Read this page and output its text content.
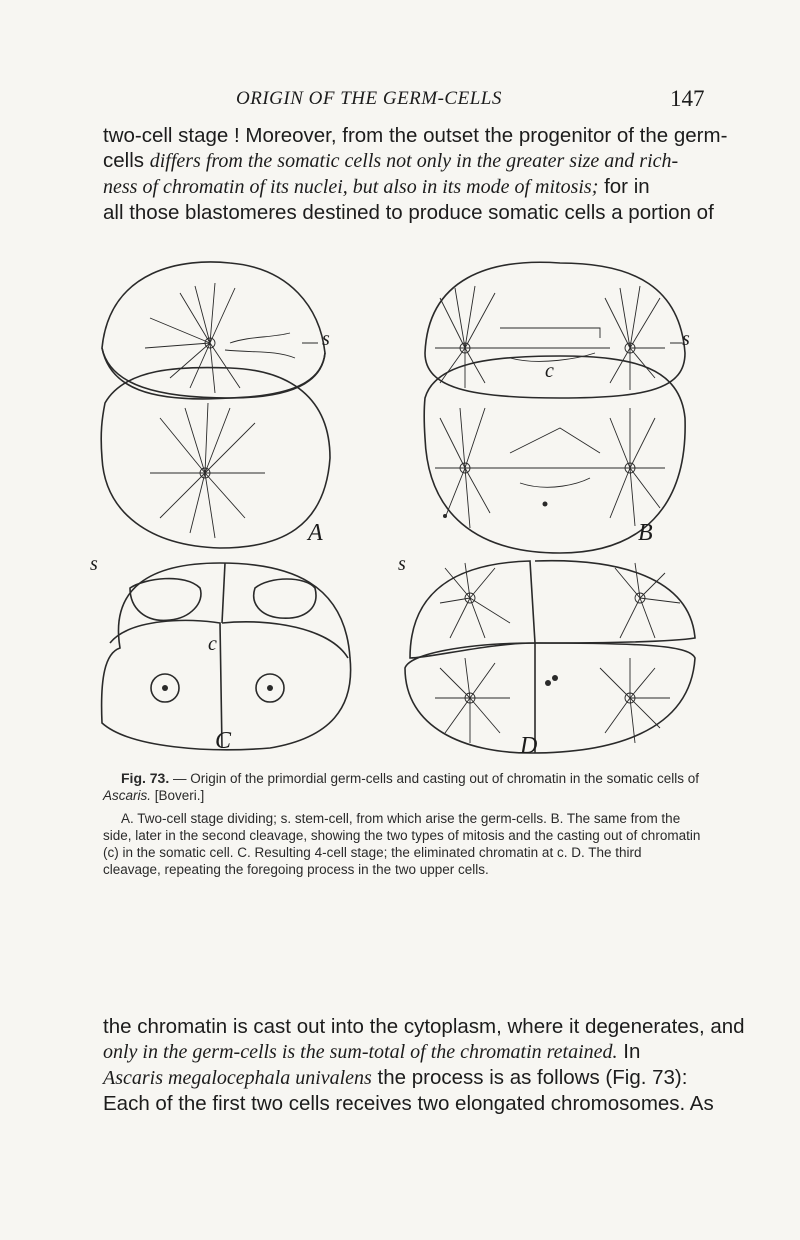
ORIGIN OF THE GERM-CELLS	147
two-cell stage ! Moreover, from the outset the progenitor of the germ-
cells differs from the somatic cells not only in the greater size and rich-
ness of chromatin of its nuclei, but also in its mode of mitosis; for in
all those blastomeres destined to produce somatic cells a portion of
A	B
C	D
s	s
s	s
c
c

Fig. 73. — Origin of the primordial germ-cells and casting out of chromatin in the somatic cells of Ascaris. [Boveri.]

A. Two-cell stage dividing; s. stem-cell, from which arise the germ-cells. B. The same from the side, later in the second cleavage, showing the two types of mitosis and the casting out of chromatin (c) in the somatic cell. C. Resulting 4-cell stage; the eliminated chromatin at c. D. The third cleavage, repeating the foregoing process in the two upper cells.

the chromatin is cast out into the cytoplasm, where it degenerates, and
only in the germ-cells is the sum-total of the chromatin retained. In
Ascaris megalocephala univalens the process is as follows (Fig. 73):
Each of the first two cells receives two elongated chromosomes. As
